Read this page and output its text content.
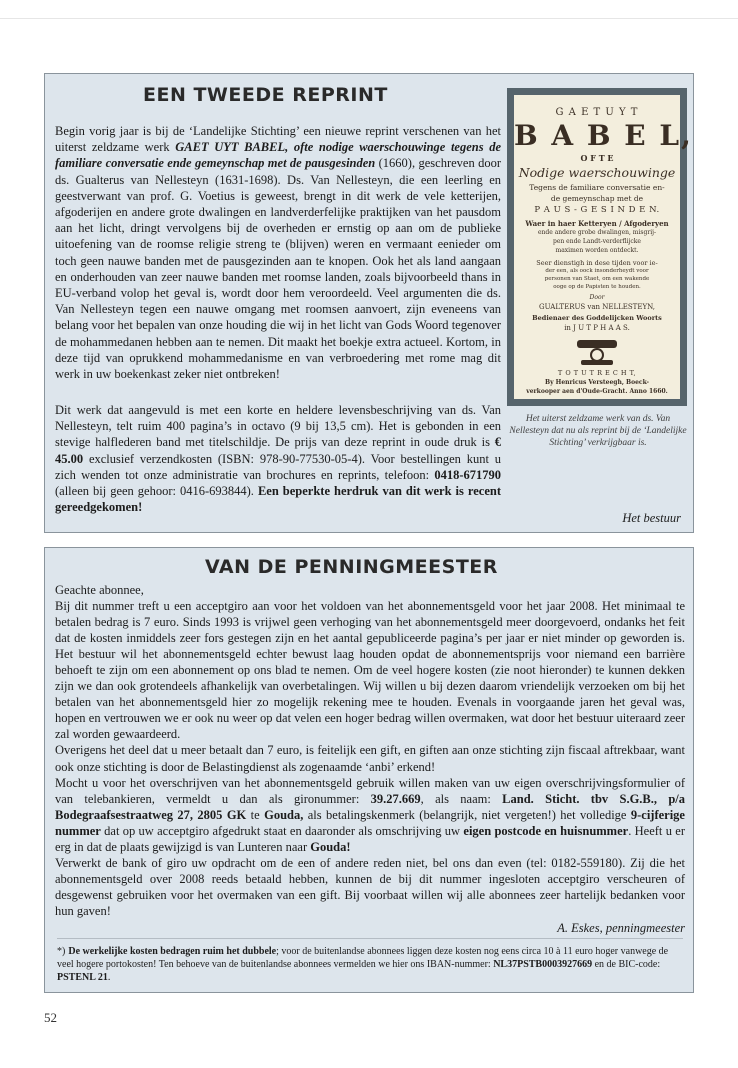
EEN TWEEDE REPRINT

Begin vorig jaar is bij de ‘Landelijke Stichting’ een nieuwe reprint verschenen van het uiterst zeldzame werk GAET UYT BABEL, ofte nodige waerschouwinge tegens de familiare conversatie ende gemeynschap met de pausgesinden (1660), geschreven door ds. Gualterus van Nellesteyn (1631-1698). Ds. Van Nellesteyn, die een leerling en geestverwant van prof. G. Voetius is geweest, brengt in dit werk de vele ketterijen, afgoderijen en andere grote dwalingen en landverderfelijke praktijken van het pausdom aan het licht, dringt vervolgens bij de overheden er ernstig op aan om de publieke uitoefening van de roomse religie streng te (blijven) weren en vermaant eenieder om toch geen nauwe banden met de pausgezinden aan te knopen. Ook het als land aangaan en onderhouden van zeer nauwe banden met roomse landen, zoals bijvoorbeeld thans in EU-verband volop het geval is, wordt door hem veroordeeld. Veel argumenten die ds. Van Nellesteyn tegen een nauwe omgang met roomsen aanvoert, zijn eveneens van belang voor het bepalen van onze houding die wij in het licht van Gods Woord tegenover de mohammedanen hebben aan te nemen. Dit maakt het boekje extra actueel. Kortom, in deze tijd van oprukkend mohammedanisme en van verbroedering met rome mag dit werk in uw boekenkast zeker niet ontbreken!

Dit werk dat aangevuld is met een korte en heldere levensbeschrijving van ds. Van Nellesteyn, telt ruim 400 pagina’s in octavo (9 bij 13,5 cm). Het is gebonden in een stevige halflederen band met titelschildje. De prijs van deze reprint in oude druk is € 45.00 exclusief verzendkosten (ISBN: 978-90-77530-05-4). Voor bestellingen kunt u zich wenden tot onze administratie van brochures en reprints, telefoon: 0418-671790 (alleen bij geen gehoor: 0416-693844). Een beperkte herdruk van dit werk is recent gereedgekomen!

Het bestuur
G A E T U Y T
B A B E L,
O F T E
Nodige waerschouwinge
Tegens de familiare conversatie en-
de gemeynschap met de
P A U S - G E S I N D E N.
Waer in haer Ketteryen / Afgoderyen
ende andere grobe dwalingen, misgrij-
pen ende Landt-verderflijcke
maximen worden ontdeckt.
Seer dienstigh in dese tijden voor ie-
der een, als oock insonderheydt voor
personen van Staet, om een wakende
ooge op de Papisten te houden.
Door
GUALTERUS van NELLESTEYN,
Bedienaer des Goddelijcken Woorts
in J U T P H A A S.
T O T U T R E C H T,
By Henricus Versteegh, Boeck-
verkooper aen d'Oude-Gracht. Anno 1660.
Het uiterst zeldzame werk van ds. Van Nellesteyn dat nu als reprint bij de ‘Landelijke Stichting’ verkrijgbaar is.
VAN DE PENNINGMEESTER

Geachte abonnee,

Bij dit nummer treft u een acceptgiro aan voor het voldoen van het abonnementsgeld voor het jaar 2008. Het minimaal te betalen bedrag is 7 euro. Sinds 1993 is vrijwel geen verhoging van het abonnementsgeld meer doorgevoerd, ondanks het feit dat de kosten inmiddels zeer fors gestegen zijn en het aantal gepubliceerde pagina’s per jaar er niet minder op geworden is. Het bestuur wil het abonnementsgeld echter bewust laag houden opdat de abonnementsprijs voor niemand een barrière behoeft te zijn om een abonnement op ons blad te nemen. Om de veel hogere kosten (zie noot hieronder) te kunnen dekken zijn we dan ook grotendeels afhankelijk van overbetalingen. Wij willen u bij dezen daarom vriendelijk verzoeken om bij het betalen van het abonnementsgeld hier zo mogelijk rekening mee te houden. Evenals in voorgaande jaren het geval was, hopen en vertrouwen we er ook nu weer op dat velen een hoger bedrag willen overmaken, wat door het bestuur uiteraard zeer zal worden gewaardeerd.

Overigens het deel dat u meer betaalt dan 7 euro, is feitelijk een gift, en giften aan onze stichting zijn fiscaal aftrekbaar, want ook onze stichting is door de Belastingdienst als zogenaamde ‘anbi’ erkend!

Mocht u voor het overschrijven van het abonnementsgeld gebruik willen maken van uw eigen overschrijvingsformulier of van telebankieren, vermeldt u dan als gironummer: 39.27.669, als naam: Land. Sticht. tbv S.G.B., p/a Bodegraafsestraatweg 27, 2805 GK te Gouda, als betalingskenmerk (belangrijk, niet vergeten!) het volledige 9-cijferige nummer dat op uw acceptgiro afgedrukt staat en daaronder als omschrijving uw eigen postcode en huisnummer. Heeft u er erg in dat de plaats gewijzigd is van Lunteren naar Gouda!

Verwerkt de bank of giro uw opdracht om de een of andere reden niet, bel ons dan even (tel: 0182-559180). Zij die het abonnementsgeld over 2008 reeds betaald hebben, kunnen de bij dit nummer ingesloten acceptgiro verscheuren of desgewenst gebruiken voor het overmaken van een gift. Bij voorbaat willen wij alle abonnees zeer hartelijk bedanken voor hun gaven!

A. Eskes, penningmeester

*) De werkelijke kosten bedragen ruim het dubbele; voor de buitenlandse abonnees liggen deze kosten nog eens circa 10 à 11 euro hoger vanwege de veel hogere portokosten! Ten behoeve van de buitenlandse abonnees vermelden we hier ons IBAN-nummer: NL37PSTB0003927669 en de BIC-code: PSTENL 21.
52
